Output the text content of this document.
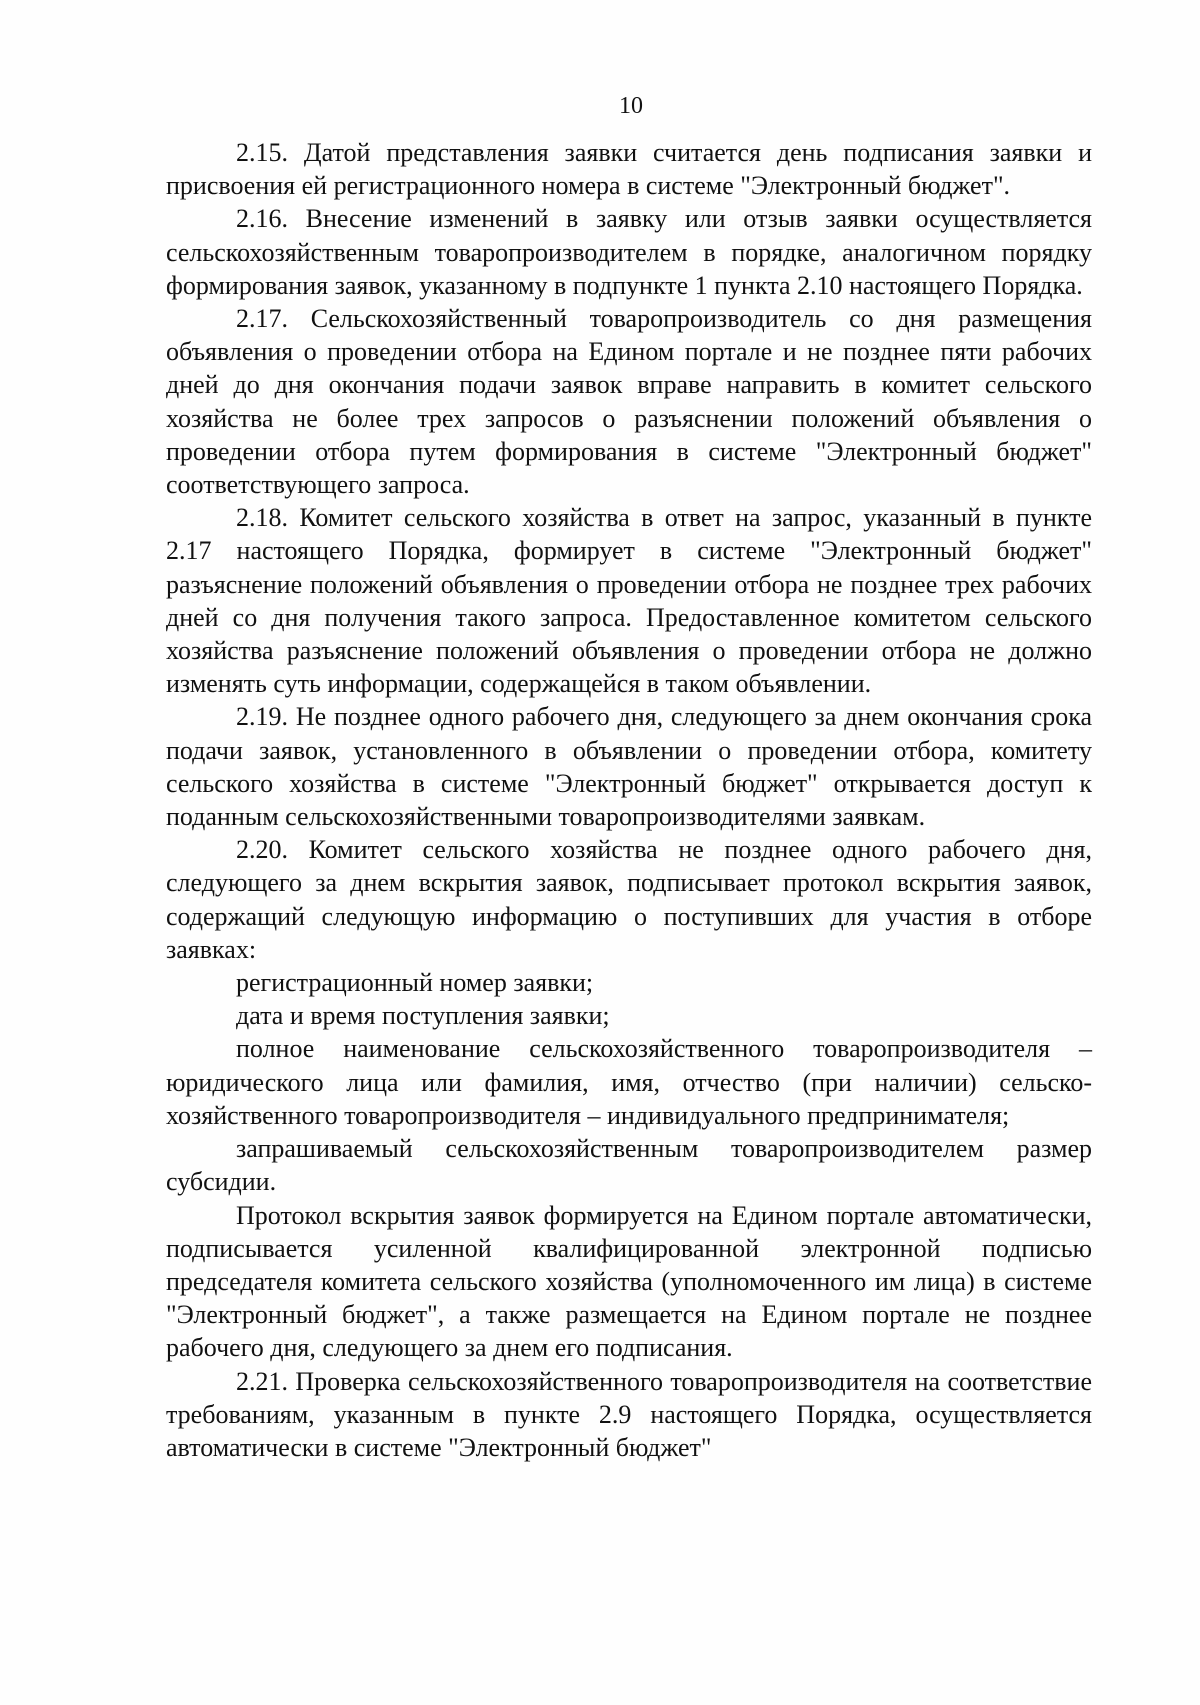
10

2.15. Датой представления заявки считается день подписания заявки и присвоения ей регистрационного номера в системе "Электронный бюджет".

2.16. Внесение изменений в заявку или отзыв заявки осуществляется сельскохозяйственным товаропроизводителем в порядке, аналогичном порядку формирования заявок, указанному в подпункте 1 пункта 2.10 настоящего Порядка.

2.17. Сельскохозяйственный товаропроизводитель со дня размещения объявления о проведении отбора на Едином портале и не позднее пяти рабочих дней до дня окончания подачи заявок вправе направить в комитет сельского хозяйства не более трех запросов о разъяснении положений объявления о проведении отбора путем формирования в системе "Электронный бюджет" соответствующего запроса.

2.18. Комитет сельского хозяйства в ответ на запрос, указанный в пункте 2.17 настоящего Порядка, формирует в системе "Электронный бюджет" разъяснение положений объявления о проведении отбора не позднее трех рабочих дней со дня получения такого запроса. Предоставленное комитетом сельского хозяйства разъяснение положений объявления о проведении отбора не должно изменять суть информации, содержащейся в таком объявлении.

2.19. Не позднее одного рабочего дня, следующего за днем окончания срока подачи заявок, установленного в объявлении о проведении отбора, комитету сельского хозяйства в системе "Электронный бюджет" открывается доступ к поданным сельскохозяйственными товаропроизводителями заявкам.

2.20. Комитет сельского хозяйства не позднее одного рабочего дня, следующего за днем вскрытия заявок, подписывает протокол вскрытия заявок, содержащий следующую информацию о поступивших для участия в отборе заявках:

регистрационный номер заявки;

дата и время поступления заявки;

полное наименование сельскохозяйственного товаропроизводителя – юридического лица или фамилия, имя, отчество (при наличии) сельскохозяйственного товаропроизводителя – индивидуального предпринимателя;

запрашиваемый сельскохозяйственным товаропроизводителем размер субсидии.

Протокол вскрытия заявок формируется на Едином портале автоматически, подписывается усиленной квалифицированной электронной подписью председателя комитета сельского хозяйства (уполномоченного им лица) в системе "Электронный бюджет", а также размещается на Едином портале не позднее рабочего дня, следующего за днем его подписания.

2.21. Проверка сельскохозяйственного товаропроизводителя на соответствие требованиям, указанным в пункте 2.9 настоящего Порядка, осуществляется автоматически в системе "Электронный бюджет"
